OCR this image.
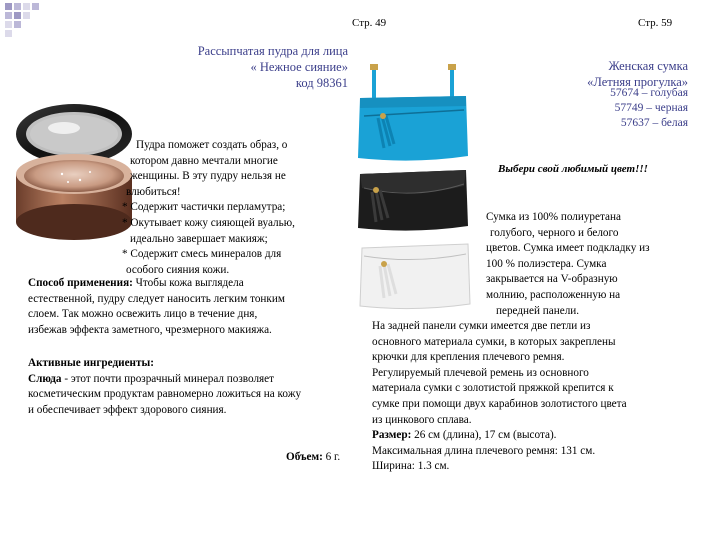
Стр. 49	Стр. 59
Рассыпчатая пудра для лица
« Нежное сияние»
код 98361
Пудра поможет создать образ, о
котором давно мечтали многие
женщины. В эту пудру нельзя не
влюбиться!
* Содержит частички перламутра;
* Окутывает кожу сияющей вуалью,
идеально завершает макияж;
* Содержит смесь минералов для
особого сияния кожи.
Способ применения: Чтобы кожа выглядела
естественной, пудру следует наносить легким тонким
слоем. Так можно освежить лицо в течение дня,
избежав эффекта заметного, чрезмерного макияжа.
Активные ингредиенты:
Слюда - этот почти прозрачный минерал позволяет
косметическим продуктам равномерно ложиться на кожу
и обеспечивает эффект здорового сияния.
Объем: 6 г.
Женская сумка
«Летняя прогулка»
57674 – голубая
57749 – черная
57637 – белая
Выбери свой любимый цвет!!!
Сумка из 100% полиуретана
голубого, черного и белого
цветов. Сумка имеет подкладку из
100 % полиэстера. Сумка
закрывается на V-образную
молнию, расположенную на
передней панели.
На задней панели сумки имеется две петли из
основного материала сумки, в которых закреплены
крючки для крепления плечевого ремня.
Регулируемый плечевой ремень из основного
материала сумки с золотистой пряжкой крепится к
сумке при помощи двух карабинов золотистого цвета
из цинкового сплава.
Размер: 26 см (длина), 17 см (высота).
Максимальная длина плечевого ремня: 131 см.
Ширина: 1.3 см.
